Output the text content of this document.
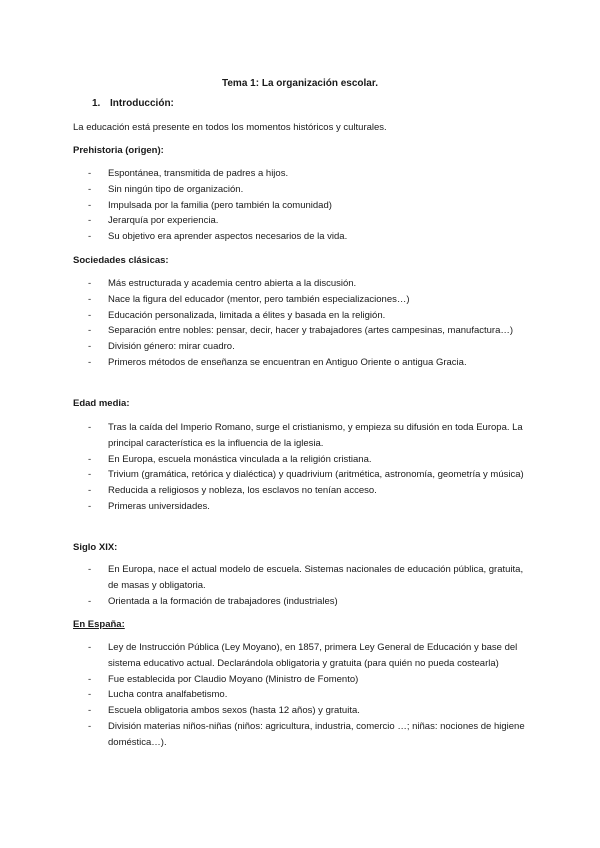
Tema 1: La organización escolar.
1. Introducción:
La educación está presente en todos los momentos históricos y culturales.
Prehistoria (origen):
- Espontánea, transmitida de padres a hijos.
- Sin ningún tipo de organización.
- Impulsada por la familia (pero también la comunidad)
- Jerarquía por experiencia.
- Su objetivo era aprender aspectos necesarios de la vida.
Sociedades clásicas:
- Más estructurada y academia centro abierta a la discusión.
- Nace la figura del educador (mentor, pero también especializaciones…)
- Educación personalizada, limitada a élites y basada en la religión.
- Separación entre nobles: pensar, decir, hacer y trabajadores (artes campesinas, manufactura…)
- División género: mirar cuadro.
- Primeros métodos de enseñanza se encuentran en Antiguo Oriente o antigua Gracia.
Edad media:
- Tras la caída del Imperio Romano, surge el cristianismo, y empieza su difusión en toda Europa. La principal característica es la influencia de la iglesia.
- En Europa, escuela monástica vinculada a la religión cristiana.
- Trivium (gramática, retórica y dialéctica) y quadrivium (aritmética, astronomía, geometría y música)
- Reducida a religiosos y nobleza, los esclavos no tenían acceso.
- Primeras universidades.
Siglo XIX:
- En Europa, nace el actual modelo de escuela. Sistemas nacionales de educación pública, gratuita, de masas y obligatoria.
- Orientada a la formación de trabajadores (industriales)
En España:
- Ley de Instrucción Pública (Ley Moyano), en 1857, primera Ley General de Educación y base del sistema educativo actual. Declarándola obligatoria y gratuita (para quién no pueda costearla)
- Fue establecida por Claudio Moyano (Ministro de Fomento)
- Lucha contra analfabetismo.
- Escuela obligatoria ambos sexos (hasta 12 años) y gratuita.
- División materias niños-niñas (niños: agricultura, industria, comercio …; niñas: nociones de higiene doméstica…).
